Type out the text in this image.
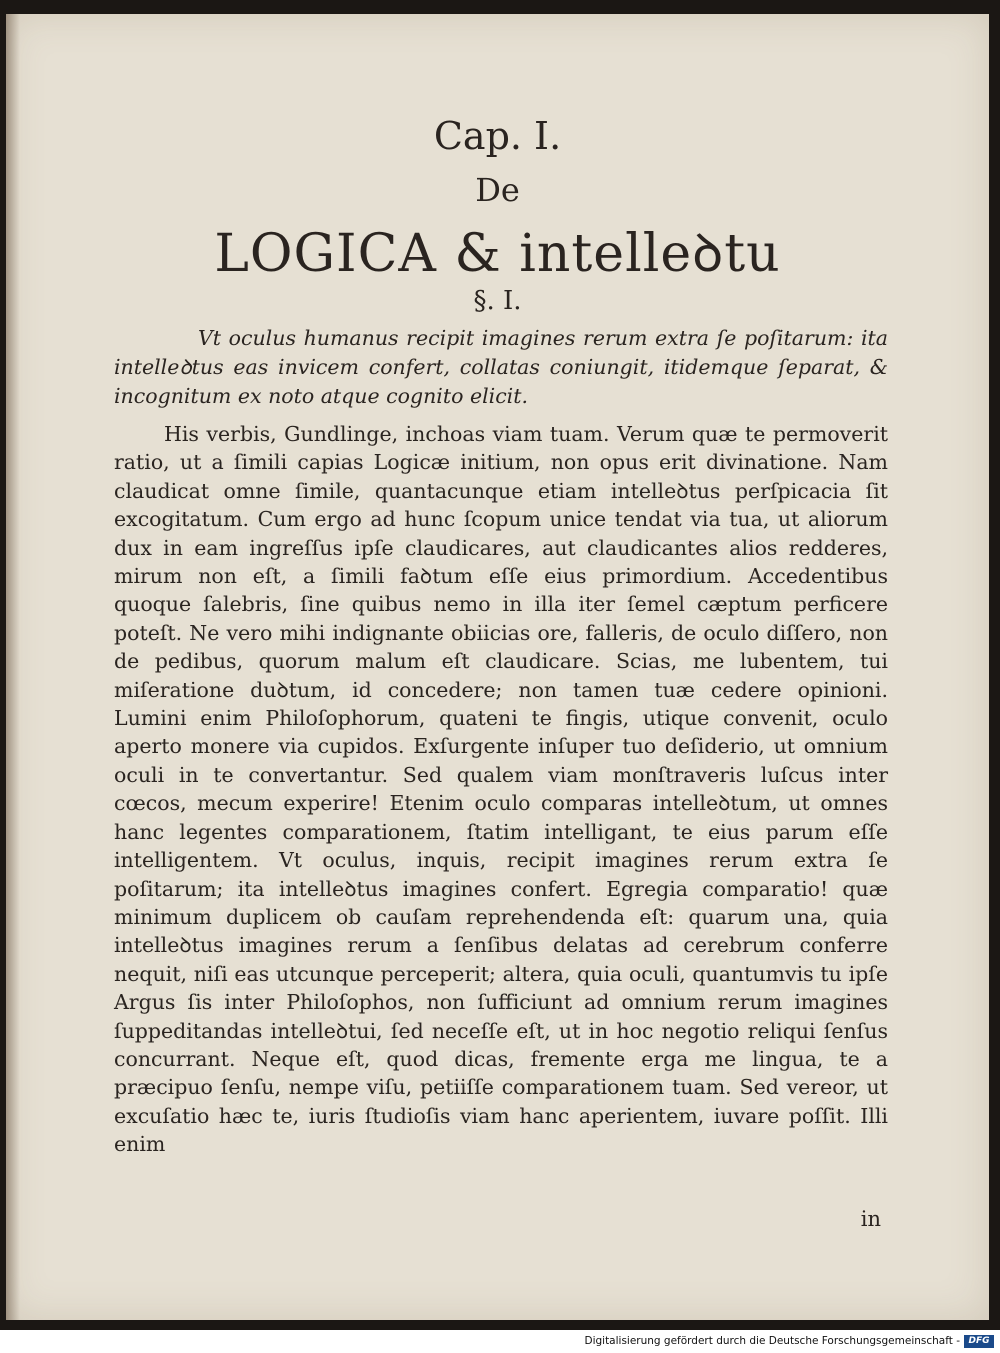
Cap. I.
De
LOGICA & intelleꝺtu
§. I.

Vt oculus humanus recipit imagines rerum extra ſe poſitarum: ita intelleꝺtus eas invicem confert, collatas coniungit, itidemque ſeparat, & incognitum ex noto atque cognito elicit.

His verbis, Gundlinge, inchoas viam tuam. Verum quæ te permoverit ratio, ut a ſimili capias Logicæ initium, non opus erit divinatione. Nam claudicat omne ſimile, quantacunque etiam intelleꝺtus perſpicacia ſit excogitatum. Cum ergo ad hunc ſcopum unice tendat via tua, ut aliorum dux in eam ingreſſus ipſe claudicares, aut claudicantes alios redderes, mirum non eſt, a ſimili faꝺtum eſſe eius primordium. Accedentibus quoque ſalebris, ſine quibus nemo in illa iter ſemel cæptum perficere poteſt. Ne vero mihi indignante obiicias ore, falleris, de oculo diſſero, non de pedibus, quorum malum eſt claudicare. Scias, me lubentem, tui miſeratione duꝺtum, id concedere; non tamen tuæ cedere opinioni. Lumini enim Philoſophorum, quateni te fingis, utique convenit, oculo aperto monere via cupidos. Exſurgente inſuper tuo deſiderio, ut omnium oculi in te convertantur. Sed qualem viam monſtraveris luſcus inter cœcos, mecum experire! Etenim oculo comparas intelleꝺtum, ut omnes hanc legentes comparationem, ſtatim intelligant, te eius parum eſſe intelligentem. Vt oculus, inquis, recipit imagines rerum extra ſe poſitarum; ita intelleꝺtus imagines confert. Egregia comparatio! quæ minimum duplicem ob cauſam reprehendenda eſt: quarum una, quia intelleꝺtus imagines rerum a ſenſibus delatas ad cerebrum conferre nequit, niſi eas utcunque perceperit; altera, quia oculi, quantumvis tu ipſe Argus ſis inter Philoſophos, non ſufficiunt ad omnium rerum imagines ſuppeditandas intelleꝺtui, ſed neceſſe eſt, ut in hoc negotio reliqui ſenſus concurrant. Neque eſt, quod dicas, fremente erga me lingua, te a præcipuo ſenſu, nempe viſu, petiiſſe comparationem tuam. Sed vereor, ut excuſatio hæc te, iuris ſtudioſis viam hanc aperientem, iuvare poſſit. Illi enim

in
Digitalisierung gefördert durch die Deutsche Forschungsgemeinschaft - DFG
